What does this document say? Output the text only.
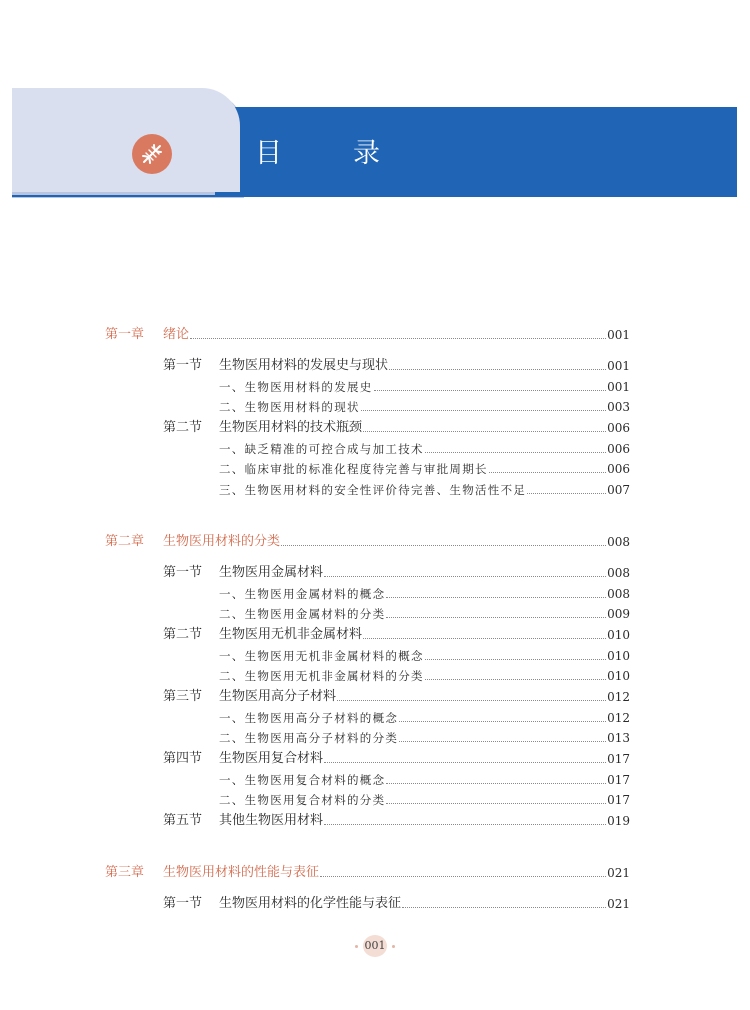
目　录
第一章	绪论	001
第一节	生物医用材料的发展史与现状	001
一、生物医用材料的发展史	001
二、生物医用材料的现状	003
第二节	生物医用材料的技术瓶颈	006
一、缺乏精准的可控合成与加工技术	006
二、临床审批的标准化程度待完善与审批周期长	006
三、生物医用材料的安全性评价待完善、生物活性不足	007
第二章	生物医用材料的分类	008
第一节	生物医用金属材料	008
一、生物医用金属材料的概念	008
二、生物医用金属材料的分类	009
第二节	生物医用无机非金属材料	010
一、生物医用无机非金属材料的概念	010
二、生物医用无机非金属材料的分类	010
第三节	生物医用高分子材料	012
一、生物医用高分子材料的概念	012
二、生物医用高分子材料的分类	013
第四节	生物医用复合材料	017
一、生物医用复合材料的概念	017
二、生物医用复合材料的分类	017
第五节	其他生物医用材料	019
第三章	生物医用材料的性能与表征	021
第一节	生物医用材料的化学性能与表征	021
001
